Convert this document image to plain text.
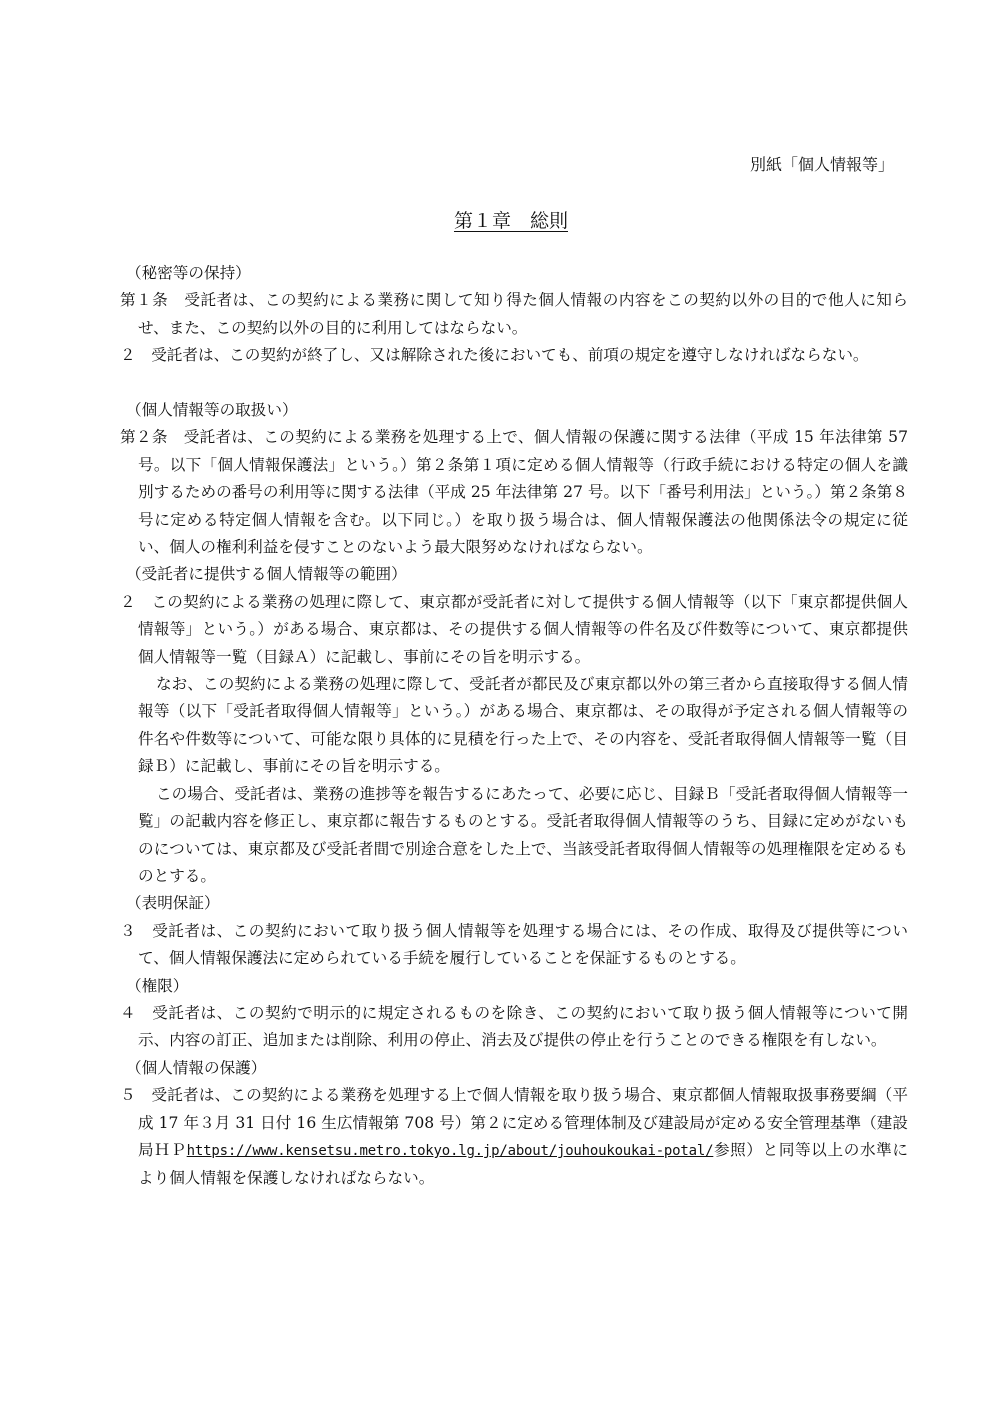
別紙「個人情報等」
第１章　総則
（秘密等の保持）
第１条　受託者は、この契約による業務に関して知り得た個人情報の内容をこの契約以外の目的で他人に知らせ、また、この契約以外の目的に利用してはならない。
２　受託者は、この契約が終了し、又は解除された後においても、前項の規定を遵守しなければならない。
（個人情報等の取扱い）
第２条　受託者は、この契約による業務を処理する上で、個人情報の保護に関する法律（平成 15 年法律第 57 号。以下「個人情報保護法」という。）第２条第１項に定める個人情報等（行政手続における特定の個人を識別するための番号の利用等に関する法律（平成 25 年法律第 27 号。以下「番号利用法」という。）第２条第８号に定める特定個人情報を含む。以下同じ。）を取り扱う場合は、個人情報保護法の他関係法令の規定に従い、個人の権利利益を侵すことのないよう最大限努めなければならない。
（受託者に提供する個人情報等の範囲）
２　この契約による業務の処理に際して、東京都が受託者に対して提供する個人情報等（以下「東京都提供個人情報等」という。）がある場合、東京都は、その提供する個人情報等の件名及び件数等について、東京都提供個人情報等一覧（目録Ａ）に記載し、事前にその旨を明示する。
なお、この契約による業務の処理に際して、受託者が都民及び東京都以外の第三者から直接取得する個人情報等（以下「受託者取得個人情報等」という。）がある場合、東京都は、その取得が予定される個人情報等の件名や件数等について、可能な限り具体的に見積を行った上で、その内容を、受託者取得個人情報等一覧（目録Ｂ）に記載し、事前にその旨を明示する。
この場合、受託者は、業務の進捗等を報告するにあたって、必要に応じ、目録Ｂ「受託者取得個人情報等一覧」の記載内容を修正し、東京都に報告するものとする。受託者取得個人情報等のうち、目録に定めがないものについては、東京都及び受託者間で別途合意をした上で、当該受託者取得個人情報等の処理権限を定めるものとする。
（表明保証）
３　受託者は、この契約において取り扱う個人情報等を処理する場合には、その作成、取得及び提供等について、個人情報保護法に定められている手続を履行していることを保証するものとする。
（権限）
４　受託者は、この契約で明示的に規定されるものを除き、この契約において取り扱う個人情報等について開示、内容の訂正、追加または削除、利用の停止、消去及び提供の停止を行うことのできる権限を有しない。
（個人情報の保護）
５　受託者は、この契約による業務を処理する上で個人情報を取り扱う場合、東京都個人情報取扱事務要綱（平成 17 年３月 31 日付 16 生広情報第 708 号）第２に定める管理体制及び建設局が定める安全管理基準（建設局ＨＰhttps://www.kensetsu.metro.tokyo.lg.jp/about/jouhoukoukai-potal/参照）と同等以上の水準により個人情報を保護しなければならない。
